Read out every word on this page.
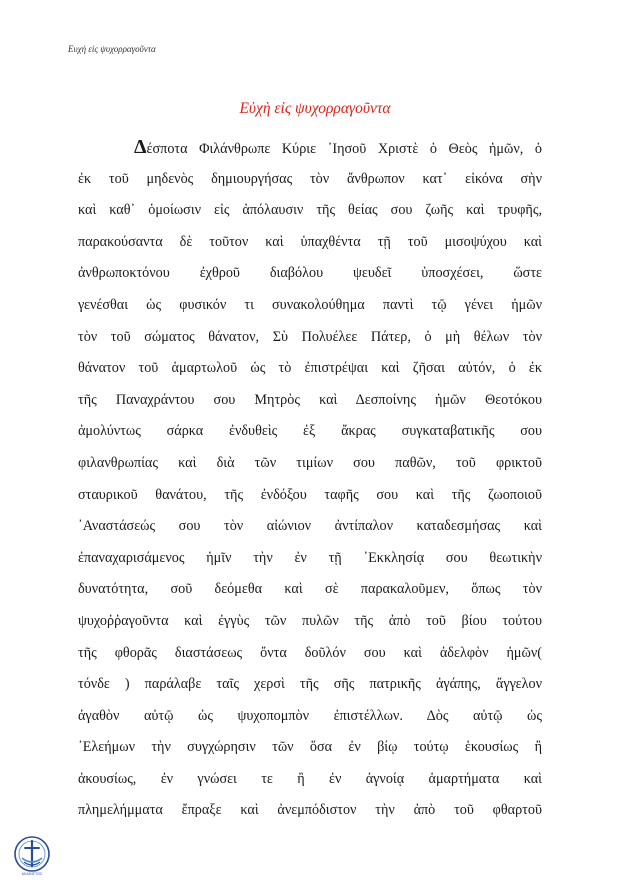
Ευχὴ εἰς ψυχορραγοῦντα
Εὐχὴ εἰς ψυχορραγοῦντα
Δέσποτα Φιλάνθρωπε Κύριε ᾿Ιησοῦ Χριστὲ ὁ Θεὸς ἡμῶν, ὁ
ἐκ τοῦ μηδενὸς δημιουργήσας τὸν ἄνθρωπον κατ᾿ εἰκόνα σὴν
καὶ καθ᾿ ὁμοίωσιν εἰς ἀπόλαυσιν τῆς θείας σου ζωῆς καὶ τρυφῆς,
παρακούσαντα δὲ τοῦτον καὶ ὑπαχθέντα τῇ τοῦ μισοψύχου καὶ
ἀνθρωποκτόνου ἐχθροῦ διαβόλου ψευδεῖ ὑποσχέσει, ὥστε
γενέσθαι ὡς φυσικόν τι συνακολούθημα παντὶ τῷ γένει ἡμῶν
τὸν τοῦ σώματος θάνατον, Σὺ Πολυέλεε Πάτερ, ὁ μὴ θέλων τὸν
θάνατον τοῦ ἁμαρτωλοῦ ὡς τὸ ἐπιστρέψαι καὶ ζῆσαι αὐτόν, ὁ ἐκ
τῆς Παναχράντου σου Μητρὸς καὶ Δεσποίνης ἡμῶν Θεοτόκου
ἀμολύντως σάρκα ἐνδυθεὶς ἐξ ἄκρας συγκαταβατικῆς σου
φιλανθρωπίας καὶ διὰ τῶν τιμίων σου παθῶν, τοῦ φρικτοῦ
σταυρικοῦ θανάτου, τῆς ἐνδόξου ταφῆς σου καὶ τῆς ζωοποιοῦ
᾿Αναστάσεώς σου τὸν αἰώνιον ἀντίπαλον καταδεσμήσας καὶ
ἐπαναχαρισάμενος ἡμῖν τὴν ἐν τῇ ᾿Εκκλησίᾳ σου θεωτικὴν
δυνατότητα, σοῦ δεόμεθα καὶ σὲ παρακαλοῦμεν, ὅπως τὸν
ψυχοῤῥαγοῦντα καὶ ἐγγὺς τῶν πυλῶν τῆς ἀπὸ τοῦ βίου τούτου
τῆς φθορᾶς διαστάσεως ὄντα δοῦλόν σου καὶ ἀδελφὸν ἡμῶν(
τόνδε ) παράλαβε ταῖς χερσὶ τῆς σῆς πατρικῆς ἀγάπης, ἄγγελον
ἀγαθὸν αὐτῷ ὡς ψυχοπομπὸν ἐπιστέλλων. Δὸς αὐτῷ ὡς
᾿Ελεήμων τὴν συγχώρησιν τῶν ὅσα ἐν βίῳ τούτῳ ἑκουσίως ἢ
ἀκουσίως, ἐν γνώσει τε ἢ ἐν ἀγνοίᾳ ἁμαρτήματα καὶ
πλημελήμματα ἔπραξε καὶ ἀνεμπόδιστον τὴν ἀπὸ τοῦ φθαρτοῦ
ΑΚΑΘΙΣΤΟΣ
